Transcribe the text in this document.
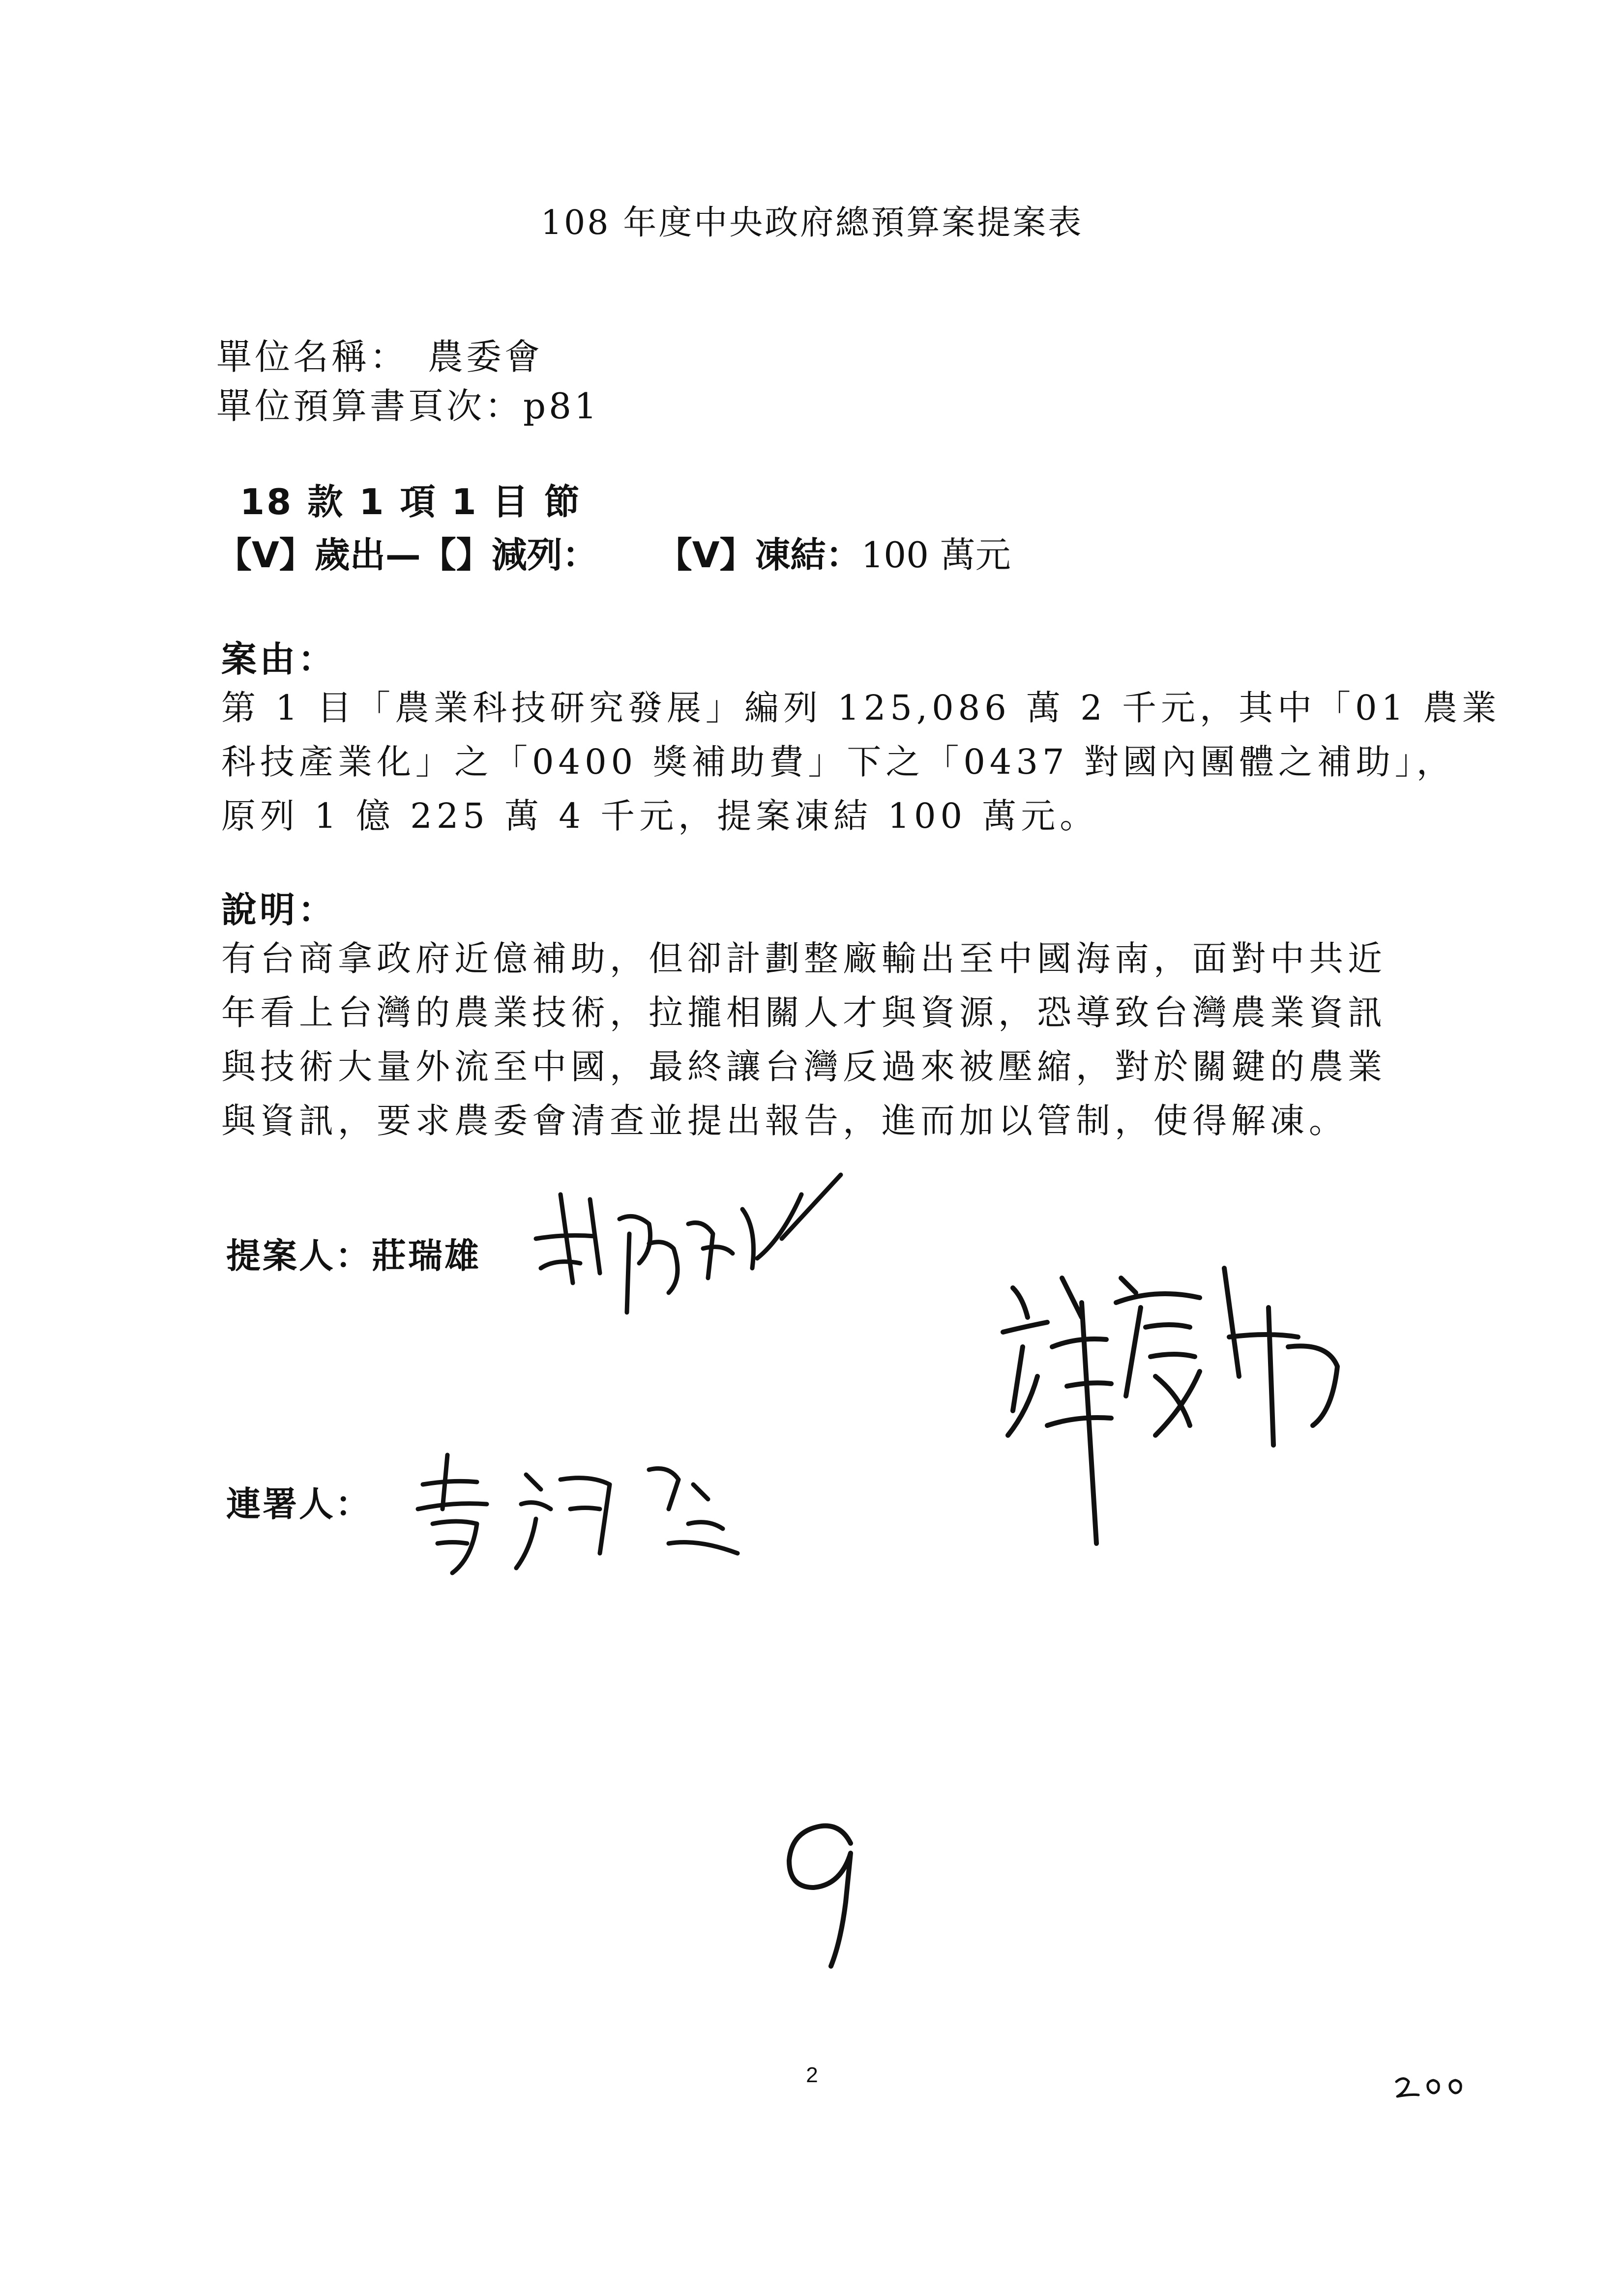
108 年度中央政府總預算案提案表
單位名稱： 農委會
單位預算書頁次：p81
18 款 1 項 1 目 節
【V】歲出— 【】減列： 【V】凍結： 100 萬元
案由：
第 1 目「農業科技研究發展」編列 125,086 萬 2 千元，其中「01 農業
科技產業化」之「0400 獎補助費」下之「0437 對國內團體之補助」，
原列 1 億 225 萬 4 千元，提案凍結 100 萬元。
說明：
有台商拿政府近億補助，但卻計劃整廠輸出至中國海南，面對中共近
年看上台灣的農業技術，拉攏相關人才與資源，恐導致台灣農業資訊
與技術大量外流至中國，最終讓台灣反過來被壓縮，對於關鍵的農業
與資訊，要求農委會清查並提出報告，進而加以管制，使得解凍。
提案人：莊瑞雄
連署人：
2
